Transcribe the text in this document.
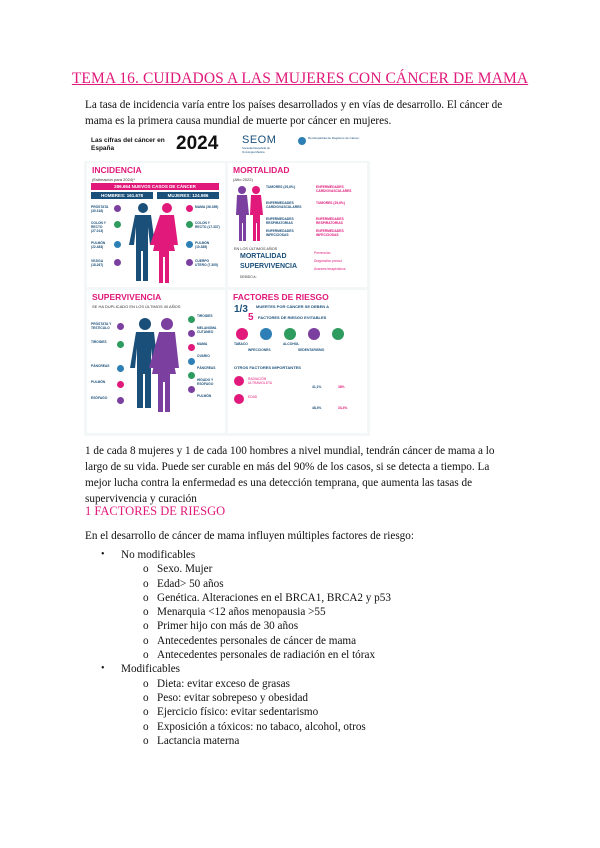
TEMA 16. CUIDADOS A LAS MUJERES CON CÁNCER DE MAMA
La tasa de incidencia varía entre los países desarrollados y en vías de desarrollo. El cáncer de
mama es la primera causa mundial de muerte por cáncer en mujeres.
Las cifras del cáncer en España	2024 SEOM
Sociedad Española de Oncología Médica
Red Española de Registros de Cáncer
INCIDENCIA
(Estimación para 2024)*
286.664 NUEVOS CASOS DE CÁNCER
HOMBRES: 161.678	MUJERES: 124.986
PRÓSTATA (30.316)
COLON Y RECTO (27.013)
PULMÓN (22.483)
VEJIGA (18.267)
MAMA (36.395)
COLON Y RECTO (17.337)
PULMÓN (10.385)
CUERPO UTERO (7.305)
MORTALIDAD
(Año 2022)
TUMORES (29,6%)
ENFERMEDADES CARDIOVASCULARES
ENFERMEDADES RESPIRATORIAS
ENFERMEDADES INFECCIOSAS
ENFERMEDADES CARDIOVASCULARES
TUMORES (29,6%)
ENFERMEDADES RESPIRATORIAS
ENFERMEDADES INFECCIOSAS
EN LOS ÚLTIMOS AÑOS
MORTALIDAD
SUPERVIVENCIA
DEBIDO A:
Prevención
Diagnóstico precoz
Avances terapéuticos
SUPERVIVENCIA
SE HA DUPLICADO EN LOS ÚLTIMOS 40 AÑOS
PRÓSTATA Y TESTÍCULO
TIROIDES
PÁNCREAS
PULMÓN
ESÓFAGO
TIROIDES
MELANOMA CUTÁNEO
MAMA
OVARIO
PÁNCREAS
HÍGADO Y ESÓFAGO
PULMÓN
FACTORES DE RIESGO
1/3 MUERTES POR CÁNCER SE DEBEN A
5 FACTORES DE RIESGO EVITABLES
TABACO	ALCOHOL
INFECCIONES	SEDENTARISMO
OTROS FACTORES IMPORTANTES
RADIACIÓN ULTRAVIOLETA
EDAD
41,1%	38%
48,4%	33,4%
1 de cada 8 mujeres y 1 de cada 100 hombres a nivel mundial, tendrán cáncer de mama a lo
largo de su vida. Puede ser curable en más del 90% de los casos, si se detecta a tiempo. La
mejor lucha contra la enfermedad es una detección temprana, que aumenta las tasas de
supervivencia y curación
1 FACTORES DE RIESGO
En el desarrollo de cáncer de mama influyen múltiples factores de riesgo:
• No modificables
o Sexo. Mujer
o Edad> 50 años
o Genética. Alteraciones en el BRCA1, BRCA2 y p53
o Menarquia <12 años menopausia >55
o Primer hijo con más de 30 años
o Antecedentes personales de cáncer de mama
o Antecedentes personales de radiación en el tórax
• Modificables
o Dieta: evitar exceso de grasas
o Peso: evitar sobrepeso y obesidad
o Ejercicio físico: evitar sedentarismo
o Exposición a tóxicos: no tabaco, alcohol, otros
o Lactancia materna
